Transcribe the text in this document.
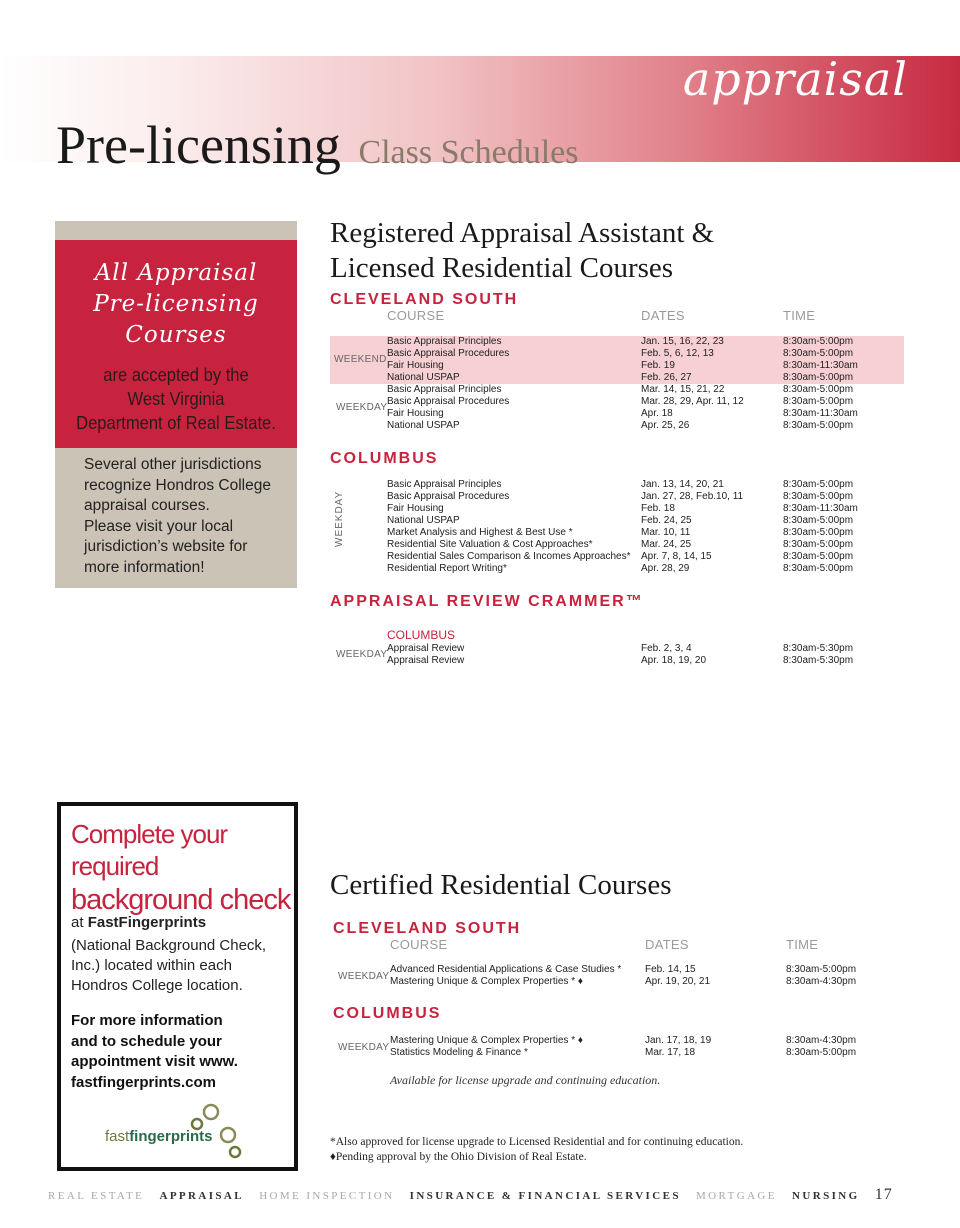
appraisal
Pre-licensing Class Schedules
All Appraisal
Pre-licensing
Courses
are accepted by the
West Virginia
Department of Real Estate.
Several other jurisdictions
recognize Hondros College
appraisal courses.
Please visit your local
jurisdiction’s website for
more information!
Registered Appraisal Assistant &
Licensed Residential Courses
CLEVELAND SOUTH
COURSE	DATES	TIME
WEEKEND
WEEKDAY
Basic Appraisal Principles	Jan. 15, 16, 22, 23	8:30am-5:00pm
Basic Appraisal Procedures	Feb. 5, 6, 12, 13	8:30am-5:00pm
Fair Housing	Feb. 19	8:30am-11:30am
National USPAP	Feb. 26, 27	8:30am-5:00pm
Basic Appraisal Principles	Mar. 14, 15, 21, 22	8:30am-5:00pm
Basic Appraisal Procedures	Mar. 28, 29, Apr. 11, 12	8:30am-5:00pm
Fair Housing	Apr. 18	8:30am-11:30am
National USPAP	Apr. 25, 26	8:30am-5:00pm
COLUMBUS
WEEKDAY
Basic Appraisal Principles	Jan. 13, 14, 20, 21	8:30am-5:00pm
Basic Appraisal Procedures	Jan. 27, 28, Feb.10, 11	8:30am-5:00pm
Fair Housing	Feb. 18	8:30am-11:30am
National USPAP	Feb. 24, 25	8:30am-5:00pm
Market Analysis and Highest & Best Use *	Mar. 10, 11	8:30am-5:00pm
Residential Site Valuation & Cost Approaches*	Mar. 24, 25	8:30am-5:00pm
Residential Sales Comparison & Incomes Approaches* Apr. 7, 8, 14, 15	8:30am-5:00pm
Residential Report Writing*	Apr. 28, 29	8:30am-5:00pm
APPRAISAL REVIEW CRAMMER™
COLUMBUS
WEEKDAY
Appraisal Review	Feb. 2, 3, 4	8:30am-5:30pm
Appraisal Review	Apr. 18, 19, 20	8:30am-5:30pm
Complete your
required
background check
at FastFingerprints
(National Background Check,
Inc.) located within each
Hondros College location.
For more information
and to schedule your
appointment visit www.
fastfingerprints.com
fastfingerprints
Certified Residential Courses
CLEVELAND SOUTH
COURSE	DATES	TIME
WEEKDAY
Advanced Residential Applications & Case Studies * Feb. 14, 15	8:30am-5:00pm
Mastering Unique & Complex Properties * ♦	Apr. 19, 20, 21	8:30am-4:30pm
COLUMBUS
WEEKDAY
Mastering Unique & Complex Properties * ♦	Jan. 17, 18, 19	8:30am-4:30pm
Statistics Modeling & Finance *	Mar. 17, 18	8:30am-5:00pm
Available for license upgrade and continuing education.
*Also approved for license upgrade to Licensed Residential and for continuing education.
♦Pending approval by the Ohio Division of Real Estate.
REAL ESTATE APPRAISAL HOME INSPECTION INSURANCE & FINANCIAL SERVICES MORTGAGE NURSING 17
